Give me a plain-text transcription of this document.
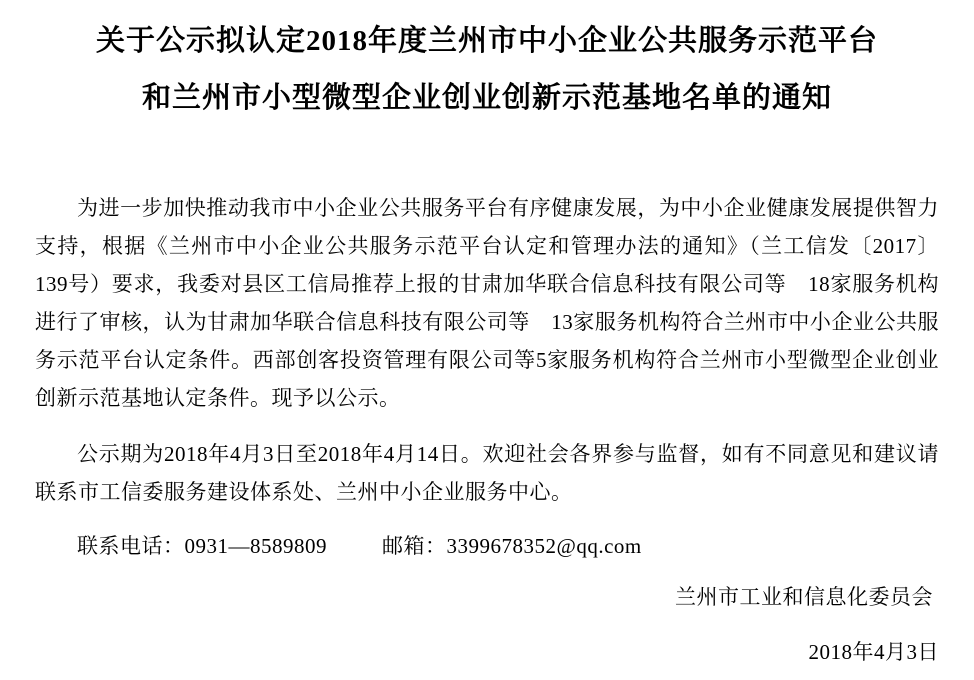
关于公示拟认定2018年度兰州市中小企业公共服务示范平台
和兰州市小型微型企业创业创新示范基地名单的通知

为进一步加快推动我市中小企业公共服务平台有序健康发展，为中小企业健康发展提供智力支持，根据《兰州市中小企业公共服务示范平台认定和管理办法的通知》（兰工信发〔2017〕139号）要求，我委对县区工信局推荐上报的甘肃加华联合信息科技有限公司等　18家服务机构进行了审核，认为甘肃加华联合信息科技有限公司等　13家服务机构符合兰州市中小企业公共服务示范平台认定条件。西部创客投资管理有限公司等5家服务机构符合兰州市小型微型企业创业创新示范基地认定条件。现予以公示。

公示期为2018年4月3日至2018年4月14日。欢迎社会各界参与监督，如有不同意见和建议请联系市工信委服务建设体系处、兰州中小企业服务中心。

联系电话：0931—8589809	邮箱：3399678352@qq.com

兰州市工业和信息化委员会

2018年4月3日
